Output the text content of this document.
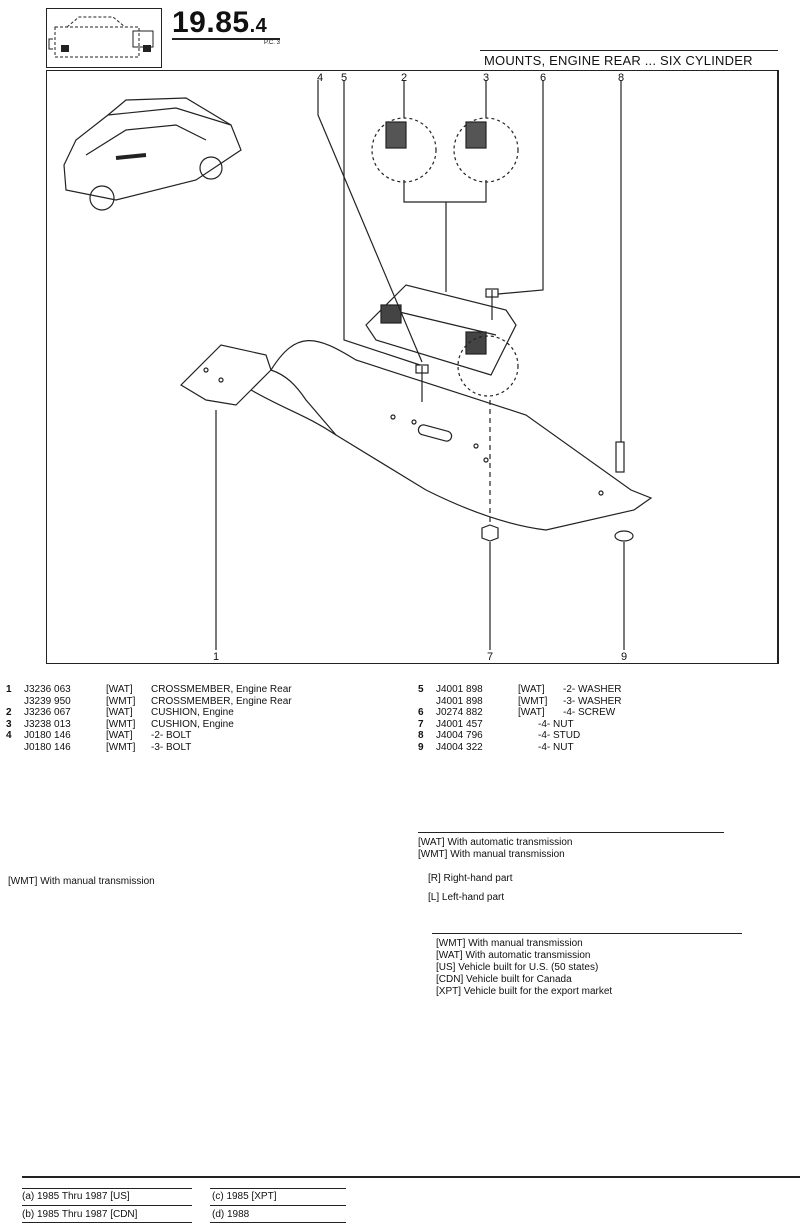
19.85.4
P.C. 3
MOUNTS, ENGINE REAR ... SIX CYLINDER
4	5	2	3	6	8
1	7	9
1 J3236 063	[WAT] CROSSMEMBER, Engine Rear
J3239 950	[WMT] CROSSMEMBER, Engine Rear
2 J3236 067	[WAT] CUSHION, Engine
3 J3238 013	[WMT] CUSHION, Engine
4 J0180 146	[WAT] -2- BOLT
J0180 146	[WMT] -3- BOLT
5 J4001 898	[WAT] -2- WASHER
J4001 898	[WMT] -3- WASHER
6 J0274 882	[WAT] -4- SCREW
7 J4001 457	-4- NUT
8 J4004 796	-4- STUD
9 J4004 322	-4- NUT
[WAT] With automatic transmission
[WMT] With manual transmission
[WMT] With manual transmission	[R] Right-hand part
[L] Left-hand part
[WMT] With manual transmission
[WAT] With automatic transmission
[US] Vehicle built for U.S. (50 states)
[CDN] Vehicle built for Canada
[XPT] Vehicle built for the export market
(a) 1985 Thru 1987 [US]	(c) 1985 [XPT]
(b) 1985 Thru 1987 [CDN]	(d) 1988
